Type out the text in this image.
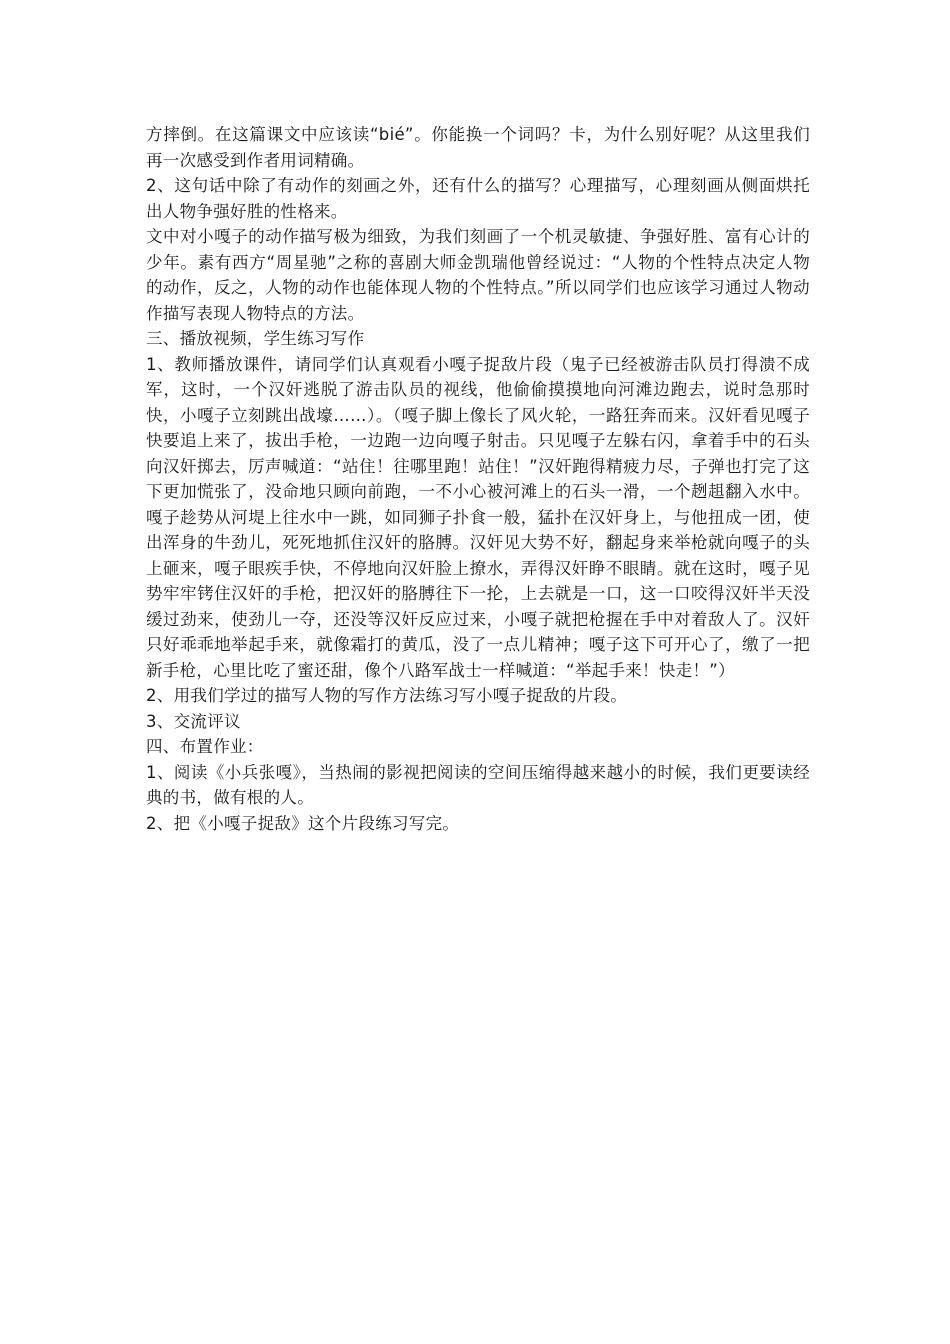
方摔倒。在这篇课文中应该读“bié”。你能换一个词吗？卡，为什么别好呢？从这里我们再一次感受到作者用词精确。

2、这句话中除了有动作的刻画之外，还有什么的描写？心理描写，心理刻画从侧面烘托出人物争强好胜的性格来。

文中对小嘎子的动作描写极为细致，为我们刻画了一个机灵敏捷、争强好胜、富有心计的少年。素有西方“周星驰”之称的喜剧大师金凯瑞他曾经说过：“人物的个性特点决定人物的动作，反之，人物的动作也能体现人物的个性特点。”所以同学们也应该学习通过人物动作描写表现人物特点的方法。

三、播放视频，学生练习写作

1、教师播放课件，请同学们认真观看小嘎子捉敌片段（鬼子已经被游击队员打得溃不成军，这时，一个汉奸逃脱了游击队员的视线，他偷偷摸摸地向河滩边跑去，说时急那时快，小嘎子立刻跳出战壕……）。（嘎子脚上像长了风火轮，一路狂奔而来。汉奸看见嘎子快要追上来了，拔出手枪，一边跑一边向嘎子射击。只见嘎子左躲右闪，拿着手中的石头向汉奸掷去，厉声喊道：“站住！往哪里跑！站住！”汉奸跑得精疲力尽，子弹也打完了这下更加慌张了，没命地只顾向前跑，一不小心被河滩上的石头一滑，一个趔趄翻入水中。嘎子趁势从河堤上往水中一跳，如同狮子扑食一般，猛扑在汉奸身上，与他扭成一团，使出浑身的牛劲儿，死死地抓住汉奸的胳膊。汉奸见大势不好，翻起身来举枪就向嘎子的头上砸来，嘎子眼疾手快，不停地向汉奸脸上撩水，弄得汉奸睁不眼睛。就在这时，嘎子见势牢牢铐住汉奸的手枪，把汉奸的胳膊往下一抡，上去就是一口，这一口咬得汉奸半天没缓过劲来，使劲儿一夺，还没等汉奸反应过来，小嘎子就把枪握在手中对着敌人了。汉奸只好乖乖地举起手来，就像霜打的黄瓜，没了一点儿精神；嘎子这下可开心了，缴了一把新手枪，心里比吃了蜜还甜，像个八路军战士一样喊道：“举起手来！快走！”）

2、用我们学过的描写人物的写作方法练习写小嘎子捉敌的片段。

3、交流评议

四、布置作业：

1、阅读《小兵张嘎》，当热闹的影视把阅读的空间压缩得越来越小的时候，我们更要读经典的书，做有根的人。

2、把《小嘎子捉敌》这个片段练习写完。
